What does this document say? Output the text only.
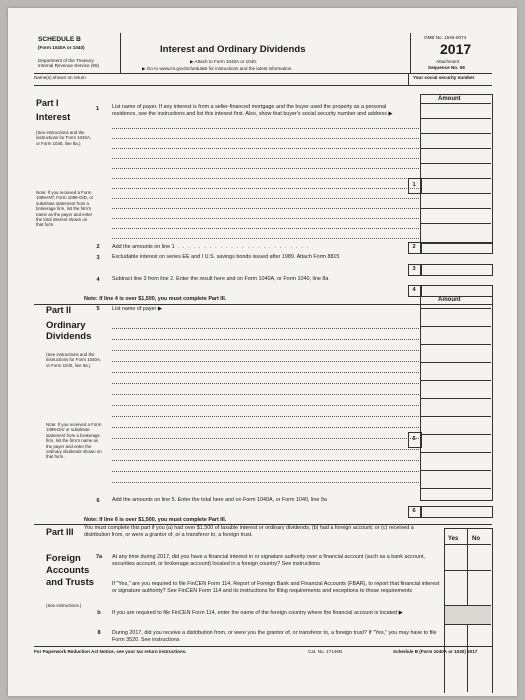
SCHEDULE B
(Form 1040A or 1040)
Department of the Treasury
Internal Revenue Service (99)
Interest and Ordinary Dividends
▶ Attach to Form 1040A or 1040.
▶ Go to www.irs.gov/ScheduleB for instructions and the latest information.
OMB No. 1545-0074
2017
Attachment
Sequence No. 08
Name(s) shown on return	Your social security number
Part I
Interest
(See instructions and the instructions for Form 1040A, or Form 1040, line 8a.)
Note: If you received a Form 1099-INT, Form 1099-OID, or substitute statement from a brokerage firm, list the firm's name as the payer and enter the total interest shown on that form.
1 List name of payer. If any interest is from a seller-financed mortgage and the buyer used the property as a personal residence, see the instructions and list this interest first. Also, show that buyer's social security number and address ▶
Amount
1
2	Add the amounts on line 1 . . . . . . . . . . . . . . . . . . . . . . . . .	2
3	Excludable interest on series EE and I U.S. savings bonds issued after 1989. Attach Form 8815
3
4	Subtract line 3 from line 2. Enter the result here and on Form 1040A, or Form 1040, line 8a
4
Note: If line 4 is over $1,500, you must complete Part III.
Part II
Ordinary
Dividends
(See instructions and the instructions for Form 1040A, or Form 1040, line 9a.)
Note: If you received a Form 1099-DIV or substitute statement from a brokerage firm, list the firm's name as the payer and enter the ordinary dividends shown on that form.
5	List name of payer ▶
Amount
5
6	Add the amounts on line 5. Enter the total here and on Form 1040A, or Form 1040, line 9a
6
Note: If line 6 is over $1,500, you must complete Part III.
Part III You must complete this part if you (a) had over $1,500 of taxable interest or ordinary dividends; (b) had a foreign account; or (c) received a distribution from, or were a grantor of, or a transferor to, a foreign trust.
Yes No
Foreign
Accounts
and Trusts
(See instructions.)
7a	At any time during 2017, did you have a financial interest in or signature authority over a financial account (such as a bank account, securities account, or brokerage account) located in a foreign country? See instructions
If "Yes," are you required to file FinCEN Form 114, Report of Foreign Bank and Financial Accounts (FBAR), to report that financial interest or signature authority? See FinCEN Form 114 and its instructions for filing requirements and exceptions to those requirements
b	If you are required to file FinCEN Form 114, enter the name of the foreign country where the financial account is located ▶
8	During 2017, did you receive a distribution from, or were you the grantor of, or transferor to, a foreign trust? If "Yes," you may have to file Form 3520. See instructions
For Paperwork Reduction Act Notice, see your tax return instructions.	Cat. No. 17146N	Schedule B (Form 1040A or 1040) 2017
